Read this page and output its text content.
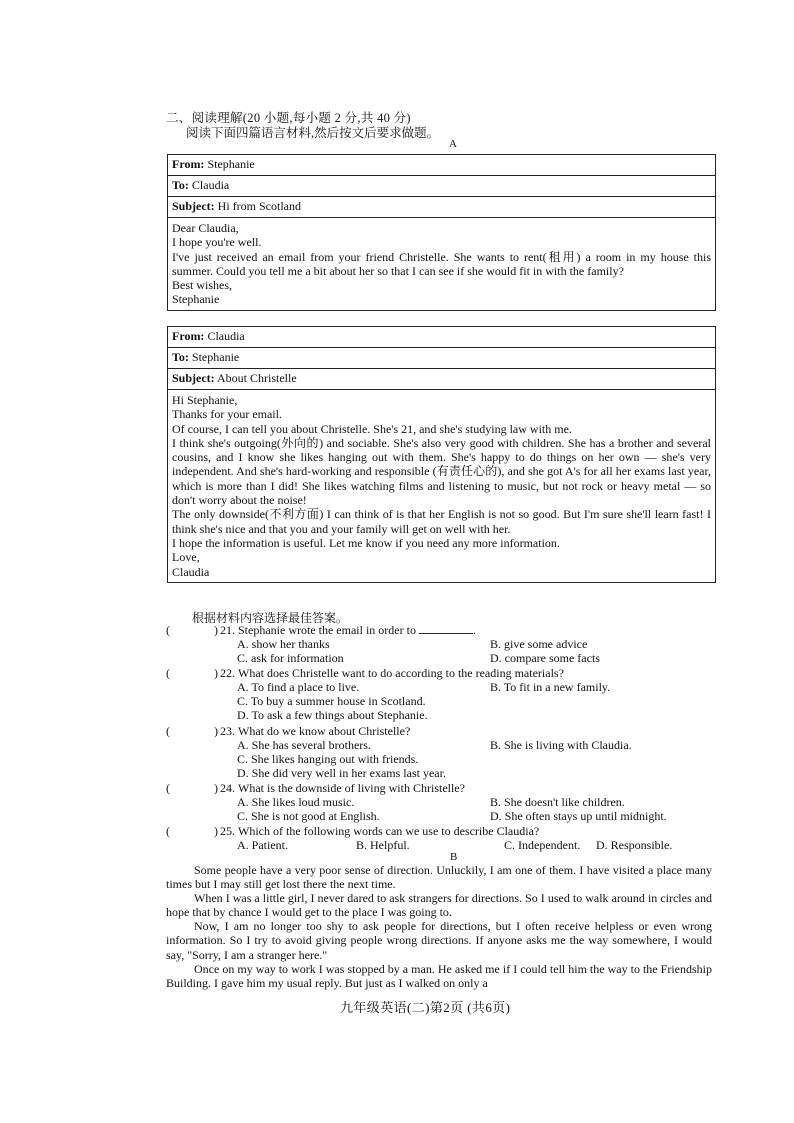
二、阅读理解(20 小题,每小题 2 分,共 40 分)
阅读下面四篇语言材料,然后按文后要求做题。
A
From: Stephanie
To: Claudia
Subject: Hi from Scotland

Dear Claudia,

I hope you're well.

I've just received an email from your friend Christelle. She wants to rent(租用) a room in my house this summer. Could you tell me a bit about her so that I can see if she would fit in with the family?

Best wishes,

Stephanie

From: Claudia
To: Stephanie
Subject: About Christelle

Hi Stephanie,

Thanks for your email.

Of course, I can tell you about Christelle. She's 21, and she's studying law with me.

I think she's outgoing(外向的) and sociable. She's also very good with children. She has a brother and several cousins, and I know she likes hanging out with them. She's happy to do things on her own — she's very independent. And she's hard-working and responsible (有责任心的), and she got A's for all her exams last year, which is more than I did! She likes watching films and listening to music, but not rock or heavy metal — so don't worry about the noise!

The only downside(不利方面) I can think of is that her English is not so good. But I'm sure she'll learn fast! I think she's nice and that you and your family will get on well with her.

I hope the information is useful. Let me know if you need any more information.

Love,

Claudia

根据材料内容选择最佳答案。
(	) 21. Stephanie wrote the email in order to	.
A. show her thanks	B. give some advice
C. ask for information	D. compare some facts
(	) 22. What does Christelle want to do according to the reading materials?
A. To find a place to live.	B. To fit in a new family.
C. To buy a summer house in Scotland.
D. To ask a few things about Stephanie.
(	) 23. What do we know about Christelle?
A. She has several brothers.	B. She is living with Claudia.
C. She likes hanging out with friends.
D. She did very well in her exams last year.
(	) 24. What is the downside of living with Christelle?
A. She likes loud music.	B. She doesn't like children.
C. She is not good at English.	D. She often stays up until midnight.
(	) 25. Which of the following words can we use to describe Claudia?
A. Patient.	B. Helpful.	C. Independent. D. Responsible.
B

Some people have a very poor sense of direction. Unluckily, I am one of them. I have visited a place many times but I may still get lost there the next time.

When I was a little girl, I never dared to ask strangers for directions. So I used to walk around in circles and hope that by chance I would get to the place I was going to.

Now, I am no longer too shy to ask people for directions, but I often receive helpless or even wrong information. So I try to avoid giving people wrong directions. If anyone asks me the way somewhere, I would say, "Sorry, I am a stranger here."

Once on my way to work I was stopped by a man. He asked me if I could tell him the way to the Friendship Building. I gave him my usual reply. But just as I walked on only a

九年级英语(二)第2页 (共6页)
